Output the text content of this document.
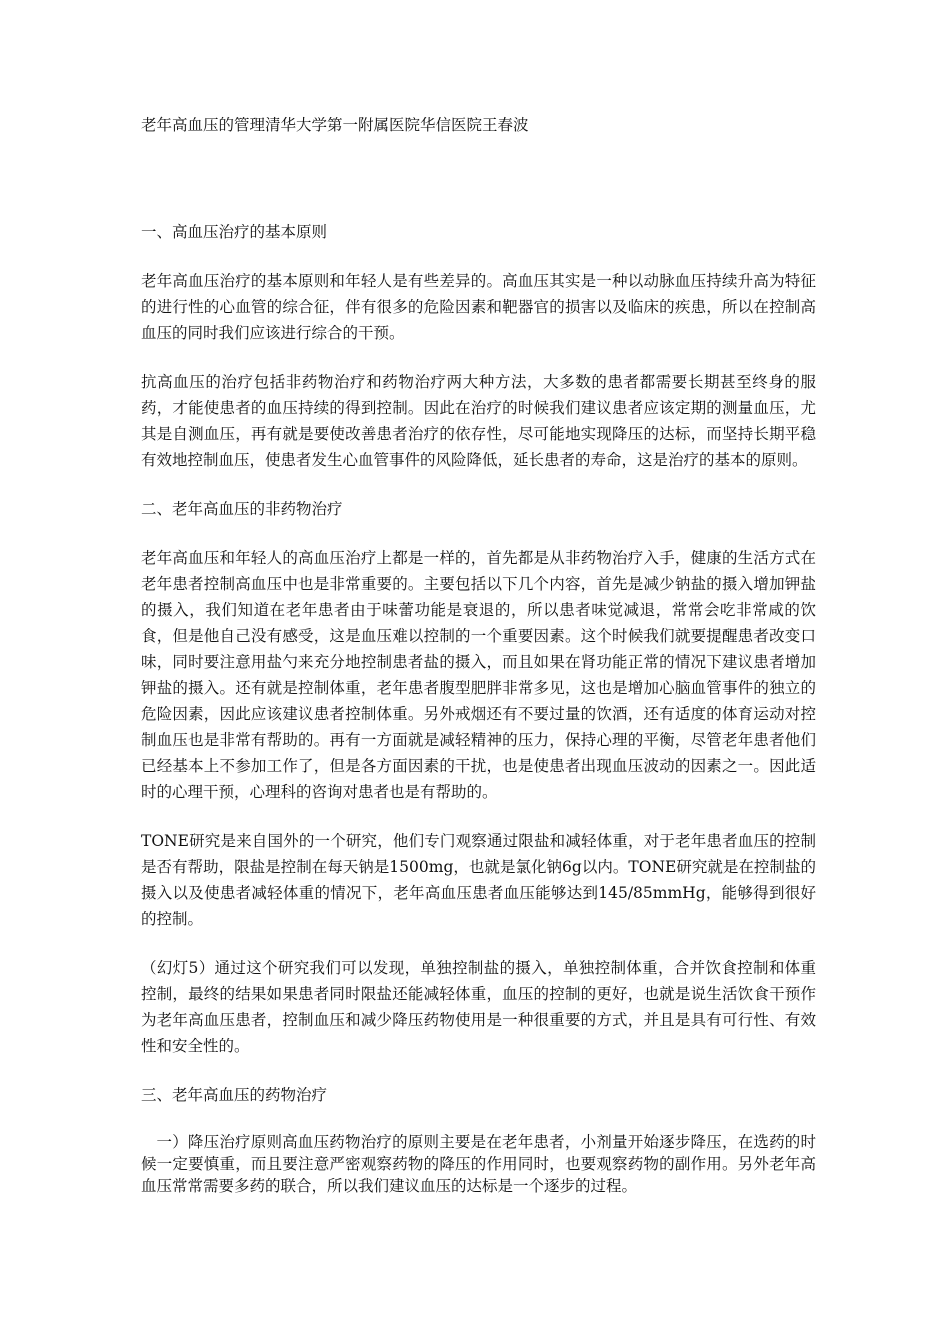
老年高血压的管理清华大学第一附属医院华信医院王春波

一、高血压治疗的基本原则

老年高血压治疗的基本原则和年轻人是有些差异的。高血压其实是一种以动脉血压持续升高为特征的进行性的心血管的综合征，伴有很多的危险因素和靶器官的损害以及临床的疾患，所以在控制高血压的同时我们应该进行综合的干预。

抗高血压的治疗包括非药物治疗和药物治疗两大种方法，大多数的患者都需要长期甚至终身的服药，才能使患者的血压持续的得到控制。因此在治疗的时候我们建议患者应该定期的测量血压，尤其是自测血压，再有就是要使改善患者治疗的依存性，尽可能地实现降压的达标，而坚持长期平稳有效地控制血压，使患者发生心血管事件的风险降低，延长患者的寿命，这是治疗的基本的原则。

二、老年高血压的非药物治疗

老年高血压和年轻人的高血压治疗上都是一样的，首先都是从非药物治疗入手，健康的生活方式在老年患者控制高血压中也是非常重要的。主要包括以下几个内容，首先是减少钠盐的摄入增加钾盐的摄入，我们知道在老年患者由于味蕾功能是衰退的，所以患者味觉减退，常常会吃非常咸的饮食，但是他自己没有感受，这是血压难以控制的一个重要因素。这个时候我们就要提醒患者改变口味，同时要注意用盐勺来充分地控制患者盐的摄入，而且如果在肾功能正常的情况下建议患者增加钾盐的摄入。还有就是控制体重，老年患者腹型肥胖非常多见，这也是增加心脑血管事件的独立的危险因素，因此应该建议患者控制体重。另外戒烟还有不要过量的饮酒，还有适度的体育运动对控制血压也是非常有帮助的。再有一方面就是减轻精神的压力，保持心理的平衡，尽管老年患者他们已经基本上不参加工作了，但是各方面因素的干扰，也是使患者出现血压波动的因素之一。因此适时的心理干预，心理科的咨询对患者也是有帮助的。

TONE研究是来自国外的一个研究，他们专门观察通过限盐和减轻体重，对于老年患者血压的控制是否有帮助，限盐是控制在每天钠是1500mg，也就是氯化钠6g以内。TONE研究就是在控制盐的摄入以及使患者减轻体重的情况下，老年高血压患者血压能够达到145/85mmHg，能够得到很好的控制。

（幻灯5）通过这个研究我们可以发现，单独控制盐的摄入，单独控制体重，合并饮食控制和体重控制，最终的结果如果患者同时限盐还能减轻体重，血压的控制的更好，也就是说生活饮食干预作为老年高血压患者，控制血压和减少降压药物使用是一种很重要的方式，并且是具有可行性、有效性和安全性的。

三、老年高血压的药物治疗

一）降压治疗原则高血压药物治疗的原则主要是在老年患者，小剂量开始逐步降压，在选药的时候一定要慎重，而且要注意严密观察药物的降压的作用同时，也要观察药物的副作用。另外老年高血压常常需要多药的联合，所以我们建议血压的达标是一个逐步的过程。
